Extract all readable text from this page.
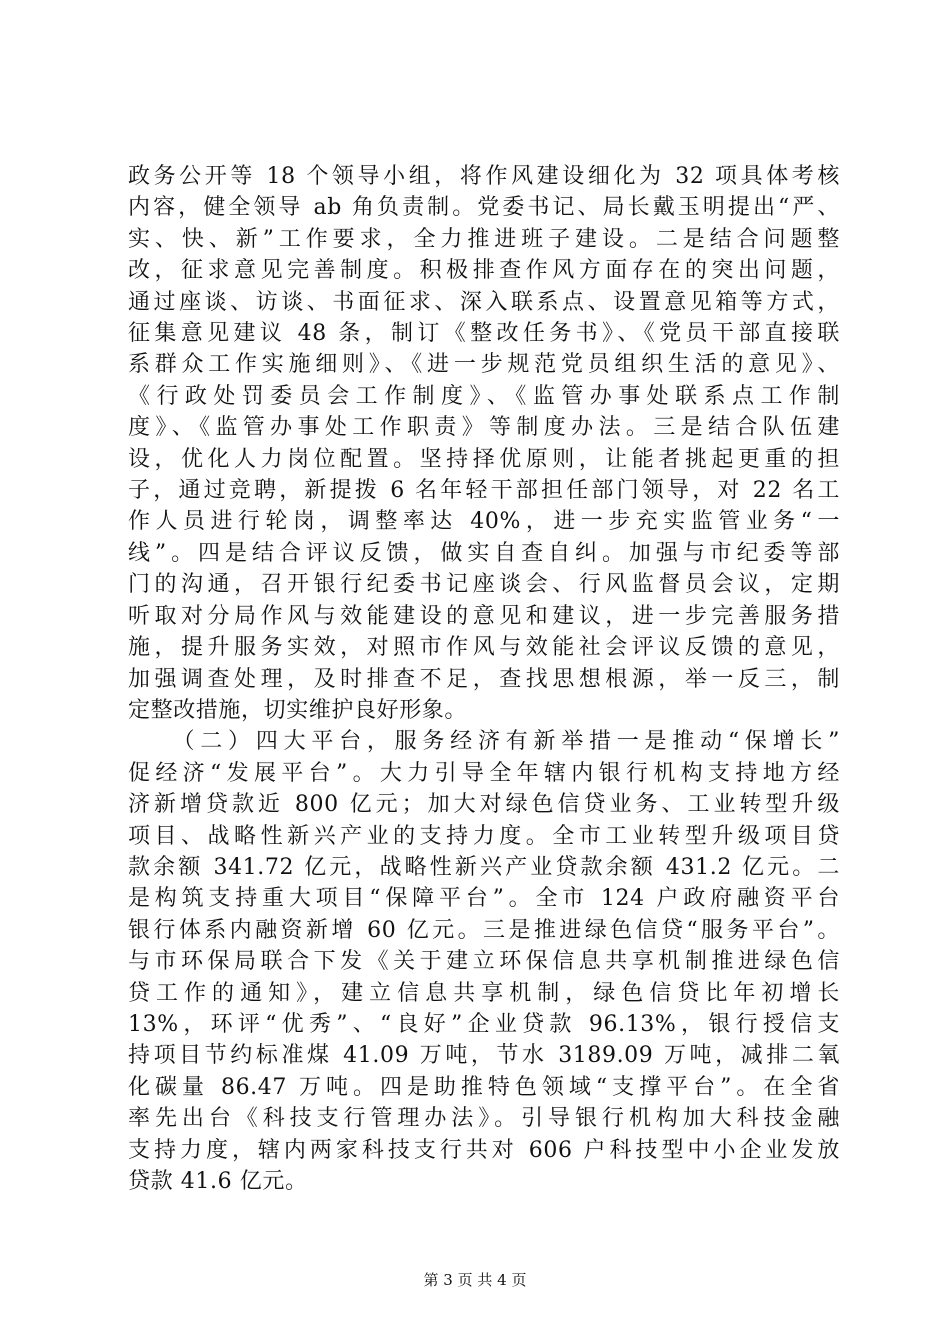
政务公开等 18 个领导小组，将作风建设细化为 32 项具体考核
内容，健全领导 ab 角负责制。党委书记、局长戴玉明提出“严、
实、快、新”工作要求，全力推进班子建设。二是结合问题整
改，征求意见完善制度。积极排查作风方面存在的突出问题，
通过座谈、访谈、书面征求、深入联系点、设置意见箱等方式，
征集意见建议 48 条，制订《整改任务书》、《党员干部直接联
系群众工作实施细则》、《进一步规范党员组织生活的意见》、
《行政处罚委员会工作制度》、《监管办事处联系点工作制
度》、《监管办事处工作职责》等制度办法。三是结合队伍建
设，优化人力岗位配置。坚持择优原则，让能者挑起更重的担
子，通过竞聘，新提拨 6 名年轻干部担任部门领导，对 22 名工
作人员进行轮岗，调整率达 40%，进一步充实监管业务“一
线”。四是结合评议反馈，做实自查自纠。加强与市纪委等部
门的沟通，召开银行纪委书记座谈会、行风监督员会议，定期
听取对分局作风与效能建设的意见和建议，进一步完善服务措
施，提升服务实效，对照市作风与效能社会评议反馈的意见，
加强调查处理，及时排查不足，查找思想根源，举一反三，制
定整改措施，切实维护良好形象。
　　（二）四大平台，服务经济有新举措一是推动“保增长”
促经济“发展平台”。大力引导全年辖内银行机构支持地方经
济新增贷款近 800 亿元；加大对绿色信贷业务、工业转型升级
项目、战略性新兴产业的支持力度。全市工业转型升级项目贷
款余额 341.72 亿元，战略性新兴产业贷款余额 431.2 亿元。二
是构筑支持重大项目“保障平台”。全市 124 户政府融资平台
银行体系内融资新增 60 亿元。三是推进绿色信贷“服务平台”。
与市环保局联合下发《关于建立环保信息共享机制推进绿色信
贷工作的通知》，建立信息共享机制，绿色信贷比年初增长
13%，环评“优秀”、“良好”企业贷款 96.13%，银行授信支
持项目节约标准煤 41.09 万吨，节水 3189.09 万吨，减排二氧
化碳量 86.47 万吨。四是助推特色领域“支撑平台”。在全省
率先出台《科技支行管理办法》。引导银行机构加大科技金融
支持力度，辖内两家科技支行共对 606 户科技型中小企业发放
贷款 41.6 亿元。
第 3 页 共 4 页
